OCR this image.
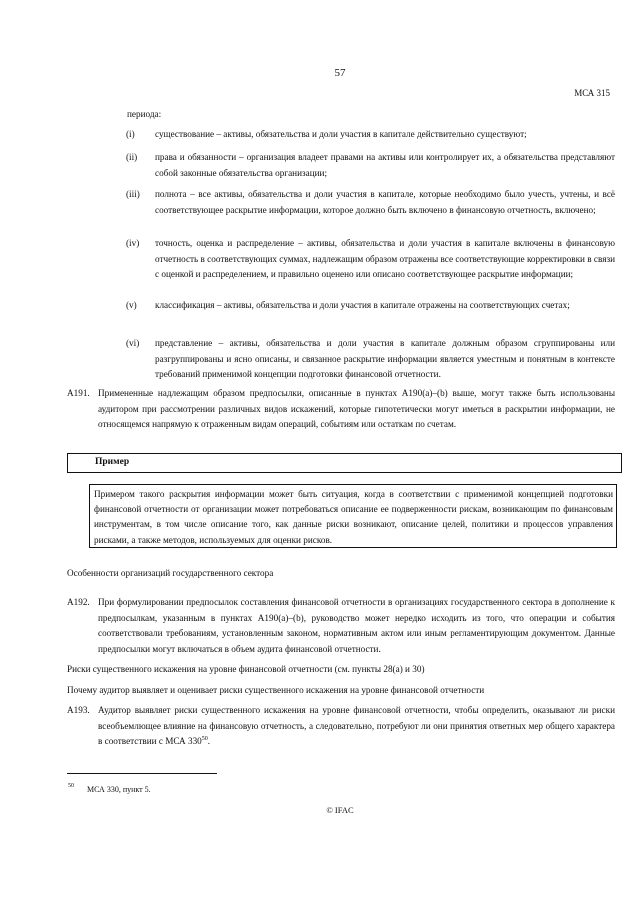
57
МСА 315
периода:
(i) существование – активы, обязательства и доли участия в капитале действительно существуют;
(ii) права и обязанности – организация владеет правами на активы или контролирует их, а обязательства представляют собой законные обязательства организации;
(iii) полнота – все активы, обязательства и доли участия в капитале, которые необходимо было учесть, учтены, и всё соответствующее раскрытие информации, которое должно быть включено в финансовую отчетность, включено;
(iv) точность, оценка и распределение – активы, обязательства и доли участия в капитале включены в финансовую отчетность в соответствующих суммах, надлежащим образом отражены все соответствующие корректировки в связи с оценкой и распределением, и правильно оценено или описано соответствующее раскрытие информации;
(v) классификация – активы, обязательства и доли участия в капитале отражены на соответствующих счетах;
(vi) представление – активы, обязательства и доли участия в капитале должным образом сгруппированы или разгруппированы и ясно описаны, и связанное раскрытие информации является уместным и понятным в контексте требований применимой концепции подготовки финансовой отчетности.
A191. Примененные надлежащим образом предпосылки, описанные в пунктах A190(a)–(b) выше, могут также быть использованы аудитором при рассмотрении различных видов искажений, которые гипотетически могут иметься в раскрытии информации, не относящемся напрямую к отраженным видам операций, событиям или остаткам по счетам.
Пример
Примером такого раскрытия информации может быть ситуация, когда в соответствии с применимой концепцией подготовки финансовой отчетности от организации может потребоваться описание ее подверженности рискам, возникающим по финансовым инструментам, в том числе описание того, как данные риски возникают, описание целей, политики и процессов управления рисками, а также методов, используемых для оценки рисков.
Особенности организаций государственного сектора
A192. При формулировании предпосылок составления финансовой отчетности в организациях государственного сектора в дополнение к предпосылкам, указанным в пунктах A190(a)–(b), руководство может нередко исходить из того, что операции и события соответствовали требованиям, установленным законом, нормативным актом или иным регламентирующим документом. Данные предпосылки могут включаться в объем аудита финансовой отчетности.
Риски существенного искажения на уровне финансовой отчетности (см. пункты 28(а) и 30)
Почему аудитор выявляет и оценивает риски существенного искажения на уровне финансовой отчетности
A193. Аудитор выявляет риски существенного искажения на уровне финансовой отчетности, чтобы определить, оказывают ли риски всеобъемлющее влияние на финансовую отчетность, а следовательно, потребуют ли они принятия ответных мер общего характера в соответствии с МСА $330^{50}$.
50 МСА 330, пункт 5.
© IFAC
